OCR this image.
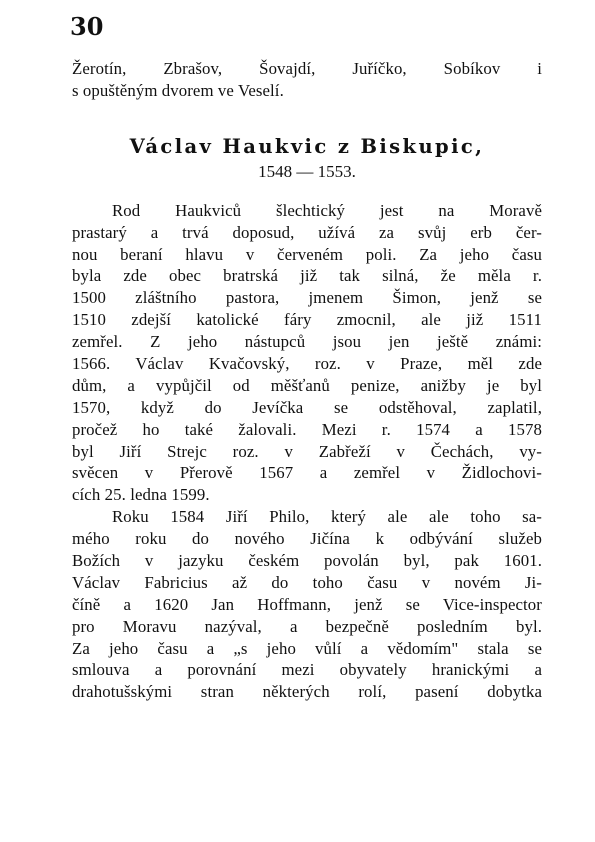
30
Žerotín, Zbrašov, Šovajdí, Juříčko, Sobíkov i
s opuštěným dvorem ve Veselí.
Václav Haukvic z Biskupic,
1548 — 1553.
Rod Haukviců šlechtický jest na Moravě
prastarý a trvá doposud, užívá za svůj erb čer-
nou beraní hlavu v červeném poli. Za jeho času
byla zde obec bratrská již tak silná, že měla r.
1500 zláštního pastora, jmenem Šimon, jenž se
1510 zdejší katolické fáry zmocnil, ale již 1511
zemřel. Z jeho nástupců jsou jen ještě známi:
1566. Václav Kvačovský, roz. v Praze, měl zde
dům, a vypůjčil od měšťanů penize, anižby je byl
1570, když do Jevíčka se odstěhoval, zaplatil,
pročež ho také žalovali. Mezi r. 1574 a 1578
byl Jiří Strejc roz. v Zabřeží v Čechách, vy-
svěcen v Přerově 1567 a zemřel v Židlochovi-
cích 25. ledna 1599.
Roku 1584 Jiří Philo, který ale ale toho sa-
mého roku do nového Jičína k odbývání služeb
Božích v jazyku českém povolán byl, pak 1601.
Václav Fabricius až do toho času v novém Ji-
číně a 1620 Jan Hoffmann, jenž se Vice-inspector
pro Moravu nazýval, a bezpečně posledním byl.
Za jeho času a „s jeho vůlí a vědomím" stala se
smlouva a porovnání mezi obyvately hranickými a
drahotušskými stran některých rolí, pasení dobytka
